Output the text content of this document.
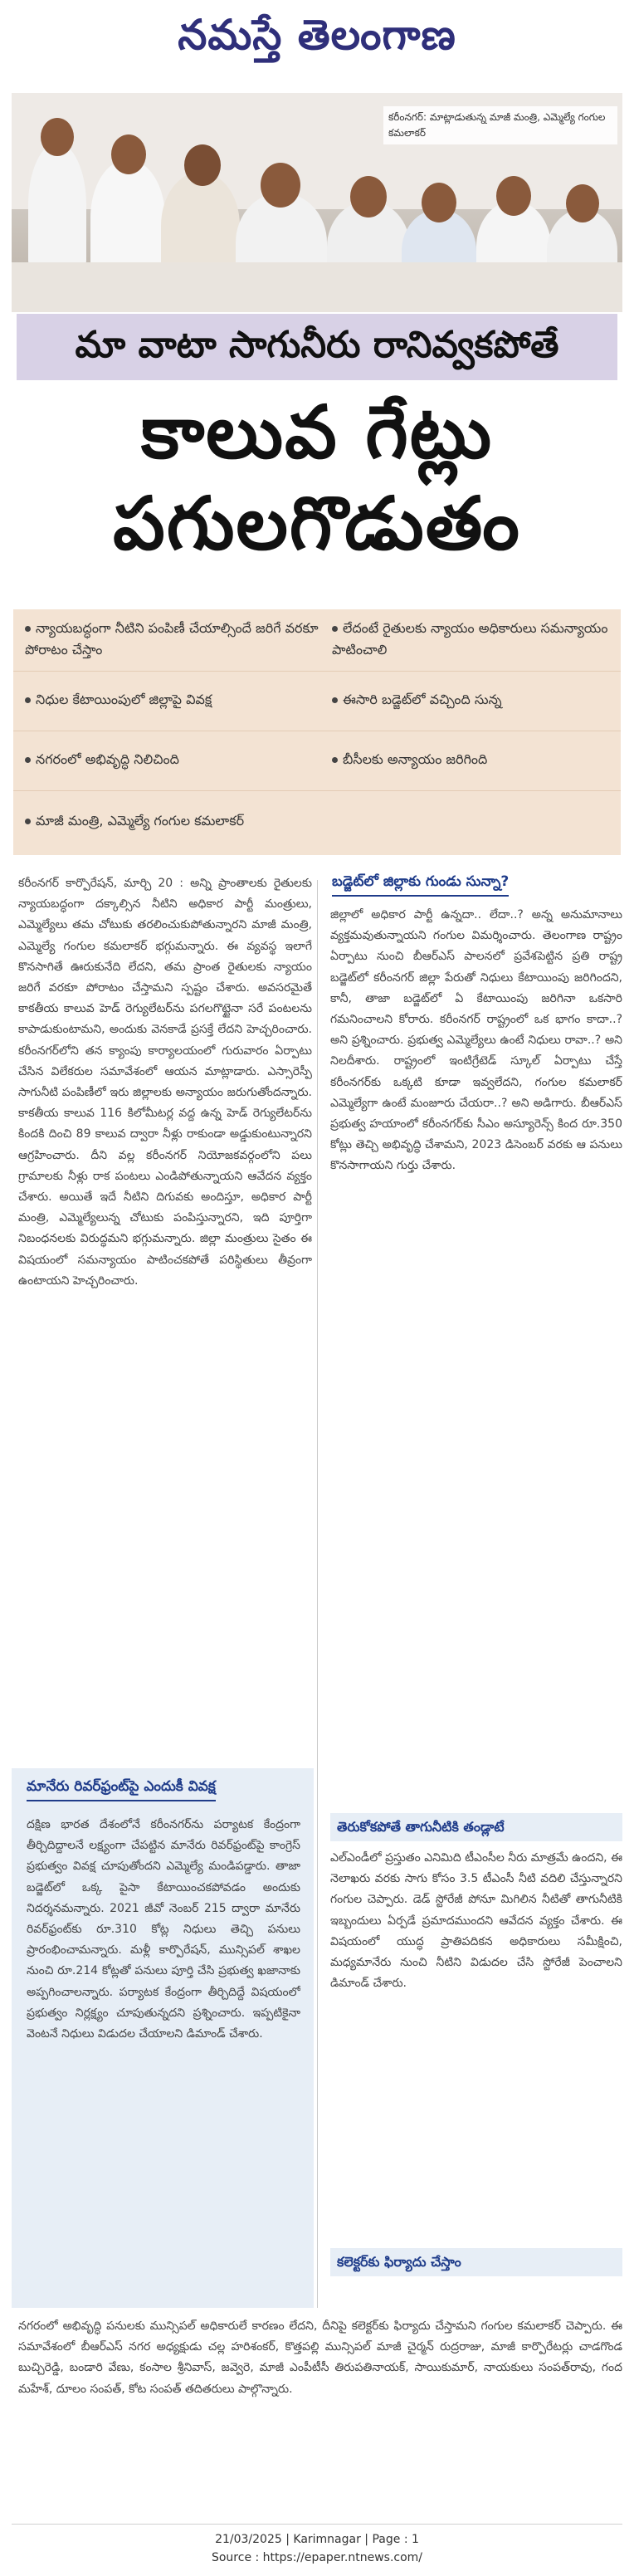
నమస్తే తెలంగాణ
కరీంనగర్: మాట్లాడుతున్న మాజీ మంత్రి, ఎమ్మెల్యే గంగుల కమలాకర్
మా వాటా సాగునీరు రానివ్వకపోతే
కాలువ గేట్లు
పగులగొడుతం
న్యాయబద్ధంగా నీటిని పంపిణీ చేయాల్సిందే జరిగే వరకూ పోరాటం చేస్తాం
లేదంటే రైతులకు న్యాయం అధికారులు సమన్యాయం పాటించాలి
నిధుల కేటాయింపులో జిల్లాపై వివక్ష	ఈసారి బడ్జెట్‌లో వచ్చింది సున్న
నగరంలో అభివృద్ధి నిలిచింది	బీసీలకు అన్యాయం జరిగింది
మాజీ మంత్రి, ఎమ్మెల్యే గంగుల కమలాకర్
కరీంనగర్ కార్పొరేషన్, మార్చి 20 : అన్ని ప్రాంతాలకు రైతులకు న్యాయబద్ధంగా దక్కాల్సిన నీటిని అధికార పార్టీ మంత్రులు, ఎమ్మెల్యేలు తమ చోటుకు తరలించుకుపోతున్నారని మాజీ మంత్రి, ఎమ్మెల్యే గంగుల కమలాకర్ భగ్గుమన్నారు. ఈ వ్యవస్థ ఇలాగే కొనసాగితే ఊరుకునేది లేదని, తమ ప్రాంత రైతులకు న్యాయం జరిగే వరకూ పోరాటం చేస్తామని స్పష్టం చేశారు. అవసరమైతే కాకతీయ కాలువ హెడ్ రెగ్యులేటర్‌ను పగలగొట్టైనా సరే పంటలను కాపాడుకుంటామని, అందుకు వెనకాడే ప్రసక్తే లేదని హెచ్చరించారు. కరీంనగర్‌లోని తన క్యాంపు కార్యాలయంలో గురువారం ఏర్పాటు చేసిన విలేకరుల సమావేశంలో ఆయన మాట్లాడారు. ఎస్సారెస్పీ సాగునీటి పంపిణీలో ఇరు జిల్లాలకు అన్యాయం జరుగుతోందన్నారు. కాకతీయ కాలువ 116 కిలోమీటర్ల వద్ద ఉన్న హెడ్ రెగ్యులేటర్‌ను కిందకి దించి 89 కాలువ ద్వారా నీళ్లు రాకుండా అడ్డుకుంటున్నారని ఆగ్రహించారు. దీని వల్ల కరీంనగర్ నియోజకవర్గంలోని పలు గ్రామాలకు నీళ్లు రాక పంటలు ఎండిపోతున్నాయని ఆవేదన వ్యక్తం చేశారు. అయితే ఇదే నీటిని దిగువకు అందిస్తూ, అధికార పార్టీ మంత్రి, ఎమ్మెల్యేలున్న చోటుకు పంపిస్తున్నారని, ఇది పూర్తిగా నిబంధనలకు విరుద్ధమని భగ్గుమన్నారు. జిల్లా మంత్రులు సైతం ఈ విషయంలో సమన్యాయం పాటించకపోతే పరిస్థితులు తీవ్రంగా ఉంటాయని హెచ్చరించారు.
బడ్జెట్‌లో జిల్లాకు గుండు సున్నా?
జిల్లాలో అధికార పార్టీ ఉన్నదా.. లేదా..? అన్న అనుమానాలు వ్యక్తమవుతున్నాయని గంగుల విమర్శించారు. తెలంగాణ రాష్ట్రం ఏర్పాటు నుంచి బీఆర్‌ఎస్ పాలనలో ప్రవేశపెట్టిన ప్రతి రాష్ట్ర బడ్జెట్‌లో కరీంనగర్ జిల్లా పేరుతో నిధులు కేటాయింపు జరిగిందని, కానీ, తాజా బడ్జెట్‌లో ఏ కేటాయింపు జరిగినా ఒకసారి గమనించాలని కోరారు. కరీంనగర్ రాష్ట్రంలో ఒక భాగం కాదా..? అని ప్రశ్నించారు. ప్రభుత్వ ఎమ్మెల్యేలు ఉంటే నిధులు రావా..? అని నిలదీశారు. రాష్ట్రంలో ఇంటిగ్రేటెడ్ స్కూల్ ఏర్పాటు చేస్తే కరీంనగర్‌కు ఒక్కటి కూడా ఇవ్వలేదని, గంగుల కమలాకర్ ఎమ్మెల్యేగా ఉంటే మంజూరు చేయరా..? అని అడిగారు. బీఆర్‌ఎస్ ప్రభుత్వ హయాంలో కరీంనగర్‌కు సీఎం అస్యూరెన్స్ కింద రూ.350 కోట్లు తెచ్చి అభివృద్ధి చేశామని, 2023 డిసెంబర్ వరకు ఆ పనులు కొనసాగాయని గుర్తు చేశారు.
మానేరు రివర్‌ఫ్రంట్‌పై ఎందుకీ వివక్ష
దక్షిణ భారత దేశంలోనే కరీంనగర్‌ను పర్యాటక కేంద్రంగా తీర్చిదిద్దాలనే లక్ష్యంగా చేపట్టిన మానేరు రివర్‌ఫ్రంట్‌పై కాంగ్రెస్ ప్రభుత్వం వివక్ష చూపుతోందని ఎమ్మెల్యే మండిపడ్డారు. తాజా బడ్జెట్‌లో ఒక్క పైసా కేటాయించకపోవడం అందుకు నిదర్శనమన్నారు. 2021 జీవో నెంబర్ 215 ద్వారా మానేరు రివర్‌ఫ్రంట్‌కు రూ.310 కోట్ల నిధులు తెచ్చి పనులు ప్రారంభించామన్నారు. మళ్లీ కార్పొరేషన్, మున్సిపల్ శాఖల నుంచి రూ.214 కోట్లతో పనులు పూర్తి చేసి ప్రభుత్వ ఖజానాకు అప్పగించాలన్నారు. పర్యాటక కేంద్రంగా తీర్చిదిద్దే విషయంలో ప్రభుత్వం నిర్లక్ష్యం చూపుతున్నదని ప్రశ్నించారు. ఇప్పటికైనా వెంటనే నిధులు విడుదల చేయాలని డిమాండ్ చేశారు.
తెరుకోకపోతే తాగునీటికి తండ్లాటే
ఎల్‌ఎండీలో ప్రస్తుతం ఎనిమిది టీఎంసీల నీరు మాత్రమే ఉందని, ఈ నెలాఖరు వరకు సాగు కోసం 3.5 టీఎంసీ నీటి వదిలి చేస్తున్నారని గంగుల చెప్పారు. డెడ్ స్టోరేజీ పోనూ మిగిలిన నీటితో తాగునీటికి ఇబ్బందులు ఏర్పడే ప్రమాదముందని ఆవేదన వ్యక్తం చేశారు. ఈ విషయంలో యుద్ధ ప్రాతిపదికన అధికారులు సమీక్షించి, మధ్యమానేరు నుంచి నీటిని విడుదల చేసి స్టోరేజీ పెంచాలని డిమాండ్ చేశారు.
కలెక్టర్‌కు ఫిర్యాదు చేస్తాం
నగరంలో అభివృద్ధి పనులకు మున్సిపల్ అధికారులే కారణం లేదని, దీనిపై కలెక్టర్‌కు ఫిర్యాదు చేస్తామని గంగుల కమలాకర్ చెప్పారు. ఈ సమావేశంలో బీఆర్‌ఎస్ నగర అధ్యక్షుడు చల్ల హరిశంకర్, కొత్తపల్లి మున్సిపల్ మాజీ చైర్మన్ రుద్రరాజు, మాజీ కార్పొరేటర్లు చాడగొండ బుచ్చిరెడ్డి, బండారి వేణు, కంసాల శ్రీనివాస్, జవ్వెరె, మాజీ ఎంపీటీసీ తిరుపతినాయక్, సాయికుమార్, నాయకులు సంపత్‌రావు, గంద మహేశ్, దూలం సంపత్, కోట సంపత్ తదితరులు పాల్గొన్నారు.
21/03/2025 | Karimnagar | Page : 1
Source : https://epaper.ntnews.com/
